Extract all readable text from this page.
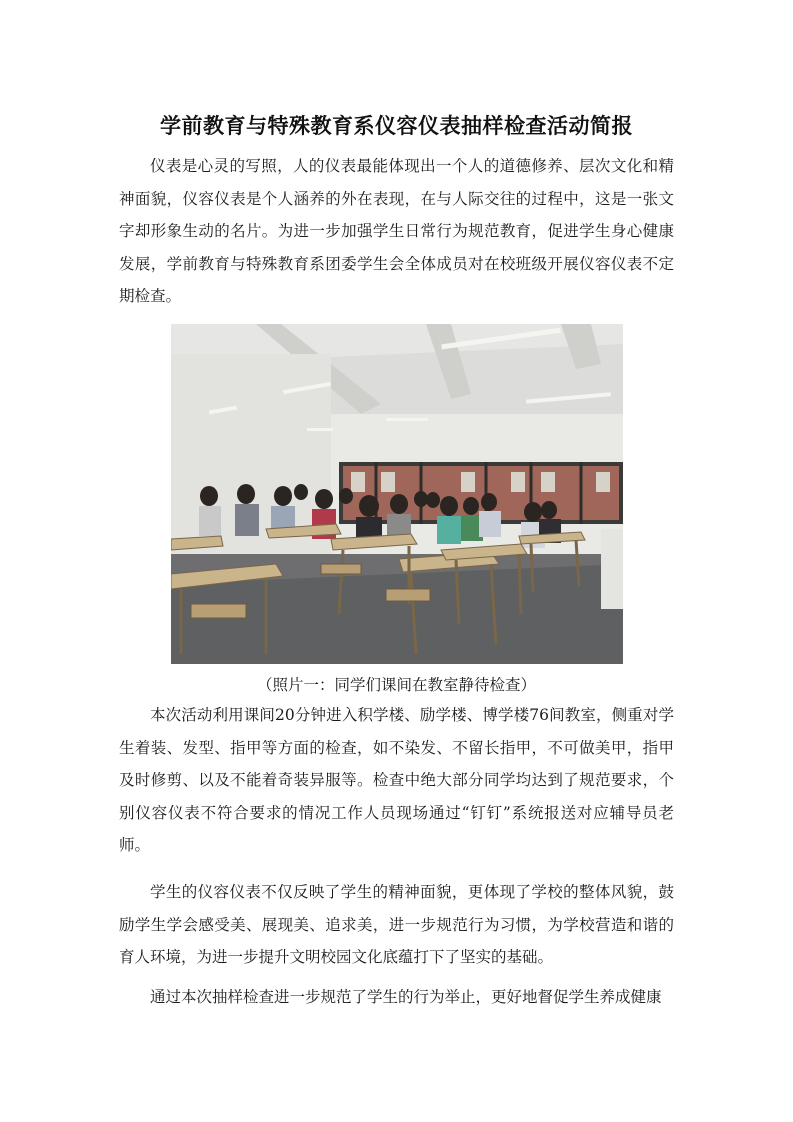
学前教育与特殊教育系仪容仪表抽样检查活动简报

仪表是心灵的写照，人的仪表最能体现出一个人的道德修养、层次文化和精神面貌，仪容仪表是个人涵养的外在表现，在与人际交往的过程中，这是一张文字却形象生动的名片。为进一步加强学生日常行为规范教育，促进学生身心健康发展，学前教育与特殊教育系团委学生会全体成员对在校班级开展仪容仪表不定期检查。

（照片一：同学们课间在教室静待检查）

本次活动利用课间20分钟进入积学楼、励学楼、博学楼76间教室，侧重对学生着装、发型、指甲等方面的检查，如不染发、不留长指甲，不可做美甲，指甲及时修剪、以及不能着奇装异服等。检查中绝大部分同学均达到了规范要求，个别仪容仪表不符合要求的情况工作人员现场通过“钉钉”系统报送对应辅导员老师。

学生的仪容仪表不仅反映了学生的精神面貌，更体现了学校的整体风貌，鼓励学生学会感受美、展现美、追求美，进一步规范行为习惯，为学校营造和谐的育人环境，为进一步提升文明校园文化底蕴打下了坚实的基础。

通过本次抽样检查进一步规范了学生的行为举止，更好地督促学生养成健康
